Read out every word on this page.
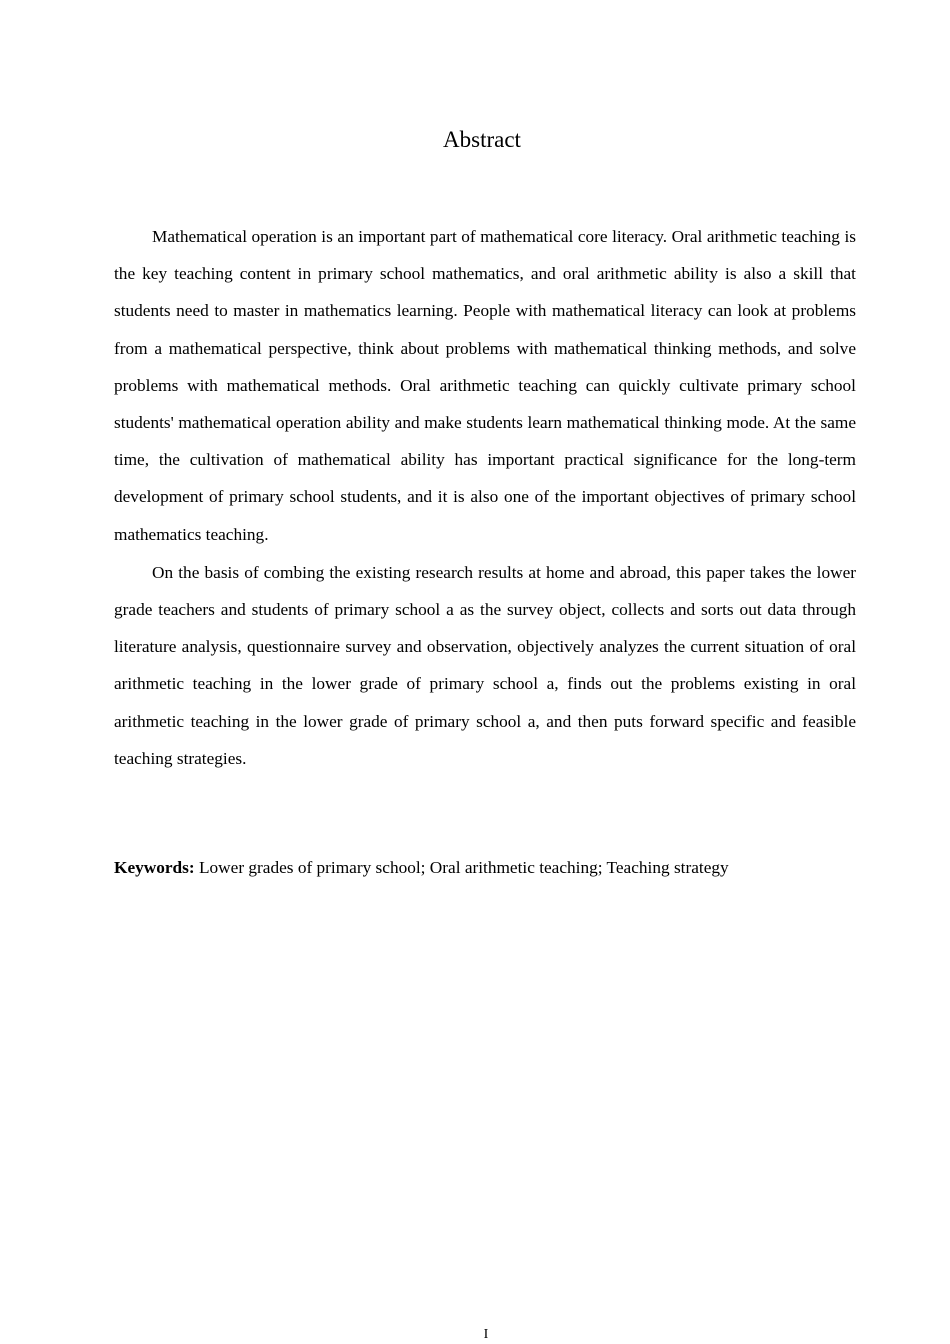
Abstract

Mathematical operation is an important part of mathematical core literacy. Oral arithmetic teaching is the key teaching content in primary school mathematics, and oral arithmetic ability is also a skill that students need to master in mathematics learning. People with mathematical literacy can look at problems from a mathematical perspective, think about problems with mathematical thinking methods, and solve problems with mathematical methods. Oral arithmetic teaching can quickly cultivate primary school students' mathematical operation ability and make students learn mathematical thinking mode. At the same time, the cultivation of mathematical ability has important practical significance for the long-term development of primary school students, and it is also one of the important objectives of primary school mathematics teaching.

On the basis of combing the existing research results at home and abroad, this paper takes the lower grade teachers and students of primary school a as the survey object, collects and sorts out data through literature analysis, questionnaire survey and observation, objectively analyzes the current situation of oral arithmetic teaching in the lower grade of primary school a, finds out the problems existing in oral arithmetic teaching in the lower grade of primary school a, and then puts forward specific and feasible teaching strategies.

Keywords: Lower grades of primary school; Oral arithmetic teaching; Teaching strategy

I
